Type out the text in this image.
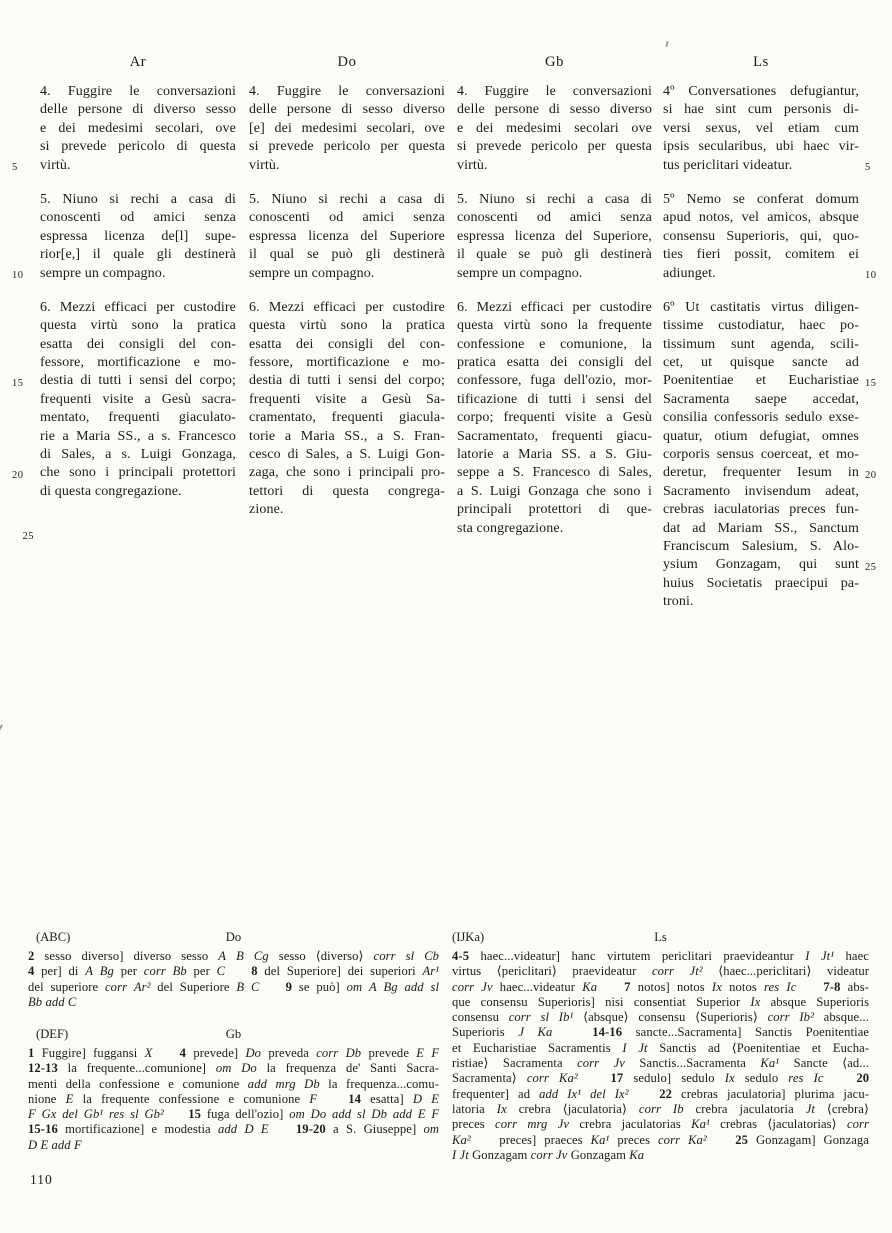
Ar
4. Fuggire le conversazioni
delle persone di diverso sesso
e dei medesimi secolari, ove
si prevede pericolo di questa
virtù.
5
5. Niuno si rechi a casa di
conoscenti od amici senza
espressa licenza de[l] supe-
rior[e,] il quale gli destinerà
sempre un compagno.
10
6. Mezzi efficaci per custodire
questa virtù sono la pratica
esatta dei consigli del con-
fessore, mortificazione e mo-
destia di tutti i sensi del corpo;
15
frequenti visite a Gesù sacra-
mentato, frequenti giaculato-
rie a Maria SS., a s. Francesco
di Sales, a s. Luigi Gonzaga,
che sono i principali protettori
20
di questa congregazione.
25
Do
4. Fuggire le conversazioni
delle persone di sesso diverso
[e] dei medesimi secolari, ove
si prevede pericolo per questa
virtù.
5. Niuno si rechi a casa di
conoscenti od amici senza
espressa licenza del Superiore
il qual se può gli destinerà
sempre un compagno.
6. Mezzi efficaci per custodire
questa virtù sono la pratica
esatta dei consigli del con-
fessore, mortificazione e mo-
destia di tutti i sensi del corpo;
frequenti visite a Gesù Sa-
cramentato, frequenti giacula-
torie a Maria SS., a S. Fran-
cesco di Sales, a S. Luigi Gon-
zaga, che sono i principali pro-
tettori di questa congrega-
zione.
Gb
4. Fuggire le conversazioni
delle persone di sesso diverso
e dei medesimi secolari ove
si prevede pericolo per questa
virtù.
5. Niuno si rechi a casa di
conoscenti od amici senza
espressa licenza del Superiore,
il quale se può gli destinerà
sempre un compagno.
6. Mezzi efficaci per custodire
questa virtù sono la frequente
confessione e comunione, la
pratica esatta dei consigli del
confessore, fuga dell'ozio, mor-
tificazione di tutti i sensi del
corpo; frequenti visite a Gesù
Sacramentato, frequenti giacu-
latorie a Maria SS. a S. Giu-
seppe a S. Francesco di Sales,
a S. Luigi Gonzaga che sono i
principali protettori di que-
sta congregazione.
Ls
4º Conversationes defugiantur,
si hae sint cum personis di-
versi sexus, vel etiam cum
ipsis secularibus, ubi haec vir-
tus periclitari videatur.	5
5º Nemo se conferat domum
apud notos, vel amicos, absque
consensu Superioris, qui, quo-
ties fieri possit, comitem ei
adiunget.	10
6º Ut castitatis virtus diligen-
tissime custodiatur, haec po-
tissimum sunt agenda, scili-
cet, ut quisque sancte ad
Poenitentiae et Eucharistiae 15
Sacramenta saepe accedat,
consilia confessoris sedulo exse-
quatur, otium defugiat, omnes
corporis sensus coerceat, et mo-
deretur, frequenter Iesum in 20
Sacramento invisendum adeat,
crebras iaculatorias preces fun-
dat ad Mariam SS., Sanctum
Franciscum Salesium, S. Alo-
ysium Gonzagam, qui sunt 25
huius Societatis praecipui pa-
troni.
(ABC)	Do
2 sesso diverso] diverso sesso A B Cg sesso ⟨diverso⟩ corr sl Cb
4 per] di A Bg per corr Bb per C   8 del Superiore] dei superiori Ar¹
del superiore corr Ar² del Superiore B C   9 se può] om A Bg add sl
Bb add C
(DEF)	Gb
1 Fuggire] fuggansi X   4 prevede] Do preveda corr Db prevede E F
12-13 la frequente...comunione] om Do la frequenza de' Santi Sacra-
menti della confessione e comunione add mrg Db la frequenza...comu-
nione E la frequente confessione e comunione F   14 esatta] D E
F Gx del Gb¹ res sl Gb²   15 fuga dell'ozio] om Do add sl Db add E F
15-16 mortificazione] e modestia add D E   19-20 a S. Giuseppe] om
D E add F
(IJKa)	Ls
4-5 haec...videatur] hanc virtutem periclitari praevideantur I Jt¹ haec
virtus ⟨periclitari⟩ praevideatur corr Jt² ⟨haec...periclitari⟩ videatur
corr Jv haec...videatur Ka   7 notos] notos Ix notos res Ic   7-8 abs-
que consensu Superioris] nisi consentiat Superior Ix absque Superioris
consensu corr sl Ib¹ ⟨absque⟩ consensu ⟨Superioris⟩ corr Ib² absque...
Superioris J Ka  	14-16 sancte...Sacramenta] Sanctis Poenitentiae
et Eucharistiae Sacramentis I Jt Sanctis ad ⟨Poenitentiae et Eucha-
ristiae⟩ Sacramenta corr Jv Sanctis...Sacramenta Ka¹ Sancte ⟨ad...
Sacramenta⟩ corr Ka²  	17 sedulo] sedulo Ix sedulo res Ic  	20
frequenter] ad add Ix¹ del Ix²   22 crebras jaculatoria] plurima jacu-
latoria Ix crebra ⟨jaculatoria⟩ corr Ib crebra jaculatoria Jt ⟨crebra⟩
preces corr mrg Jv crebra jaculatorias Ka¹ crebras ⟨jaculatorias⟩ corr
Ka²   preces] praeces Ka¹ preces corr Ka²   25 Gonzagam] Gonzaga
I Jt Gonzagam corr Jv Gonzagam Ka
110
